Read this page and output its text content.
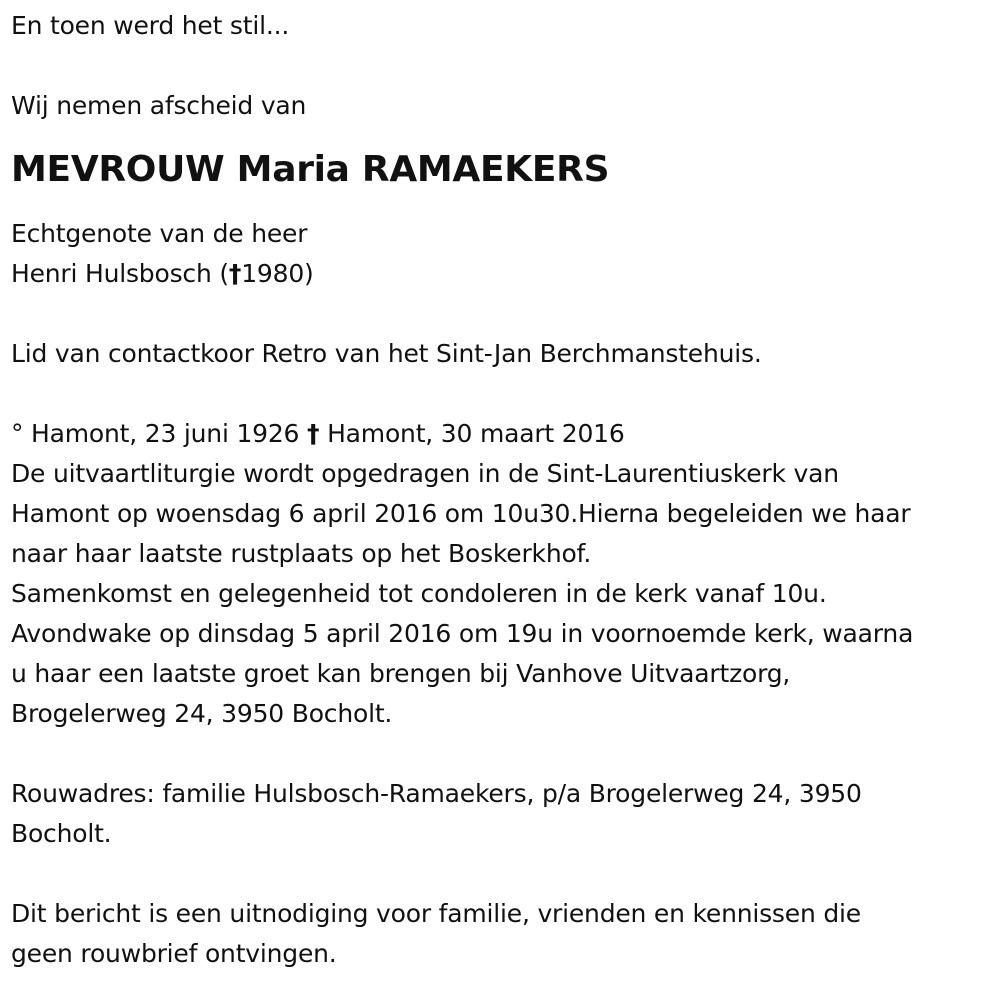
En toen werd het stil...
Wij nemen afscheid van
MEVROUW Maria RAMAEKERS
Echtgenote van de heer
Henri Hulsbosch (†1980)
Lid van contactkoor Retro van het Sint-Jan Berchmanstehuis.
° Hamont, 23 juni 1926 † Hamont, 30 maart 2016
De uitvaartliturgie wordt opgedragen in de Sint-Laurentiuskerk van
Hamont op woensdag 6 april 2016 om 10u30.Hierna begeleiden we haar
naar haar laatste rustplaats op het Boskerkhof.
Samenkomst en gelegenheid tot condoleren in de kerk vanaf 10u.
Avondwake op dinsdag 5 april 2016 om 19u in voornoemde kerk, waarna
u haar een laatste groet kan brengen bij Vanhove Uitvaartzorg,
Brogelerweg 24, 3950 Bocholt.
Rouwadres: familie Hulsbosch-Ramaekers, p/a Brogelerweg 24, 3950
Bocholt.
Dit bericht is een uitnodiging voor familie, vrienden en kennissen die
geen rouwbrief ontvingen.
